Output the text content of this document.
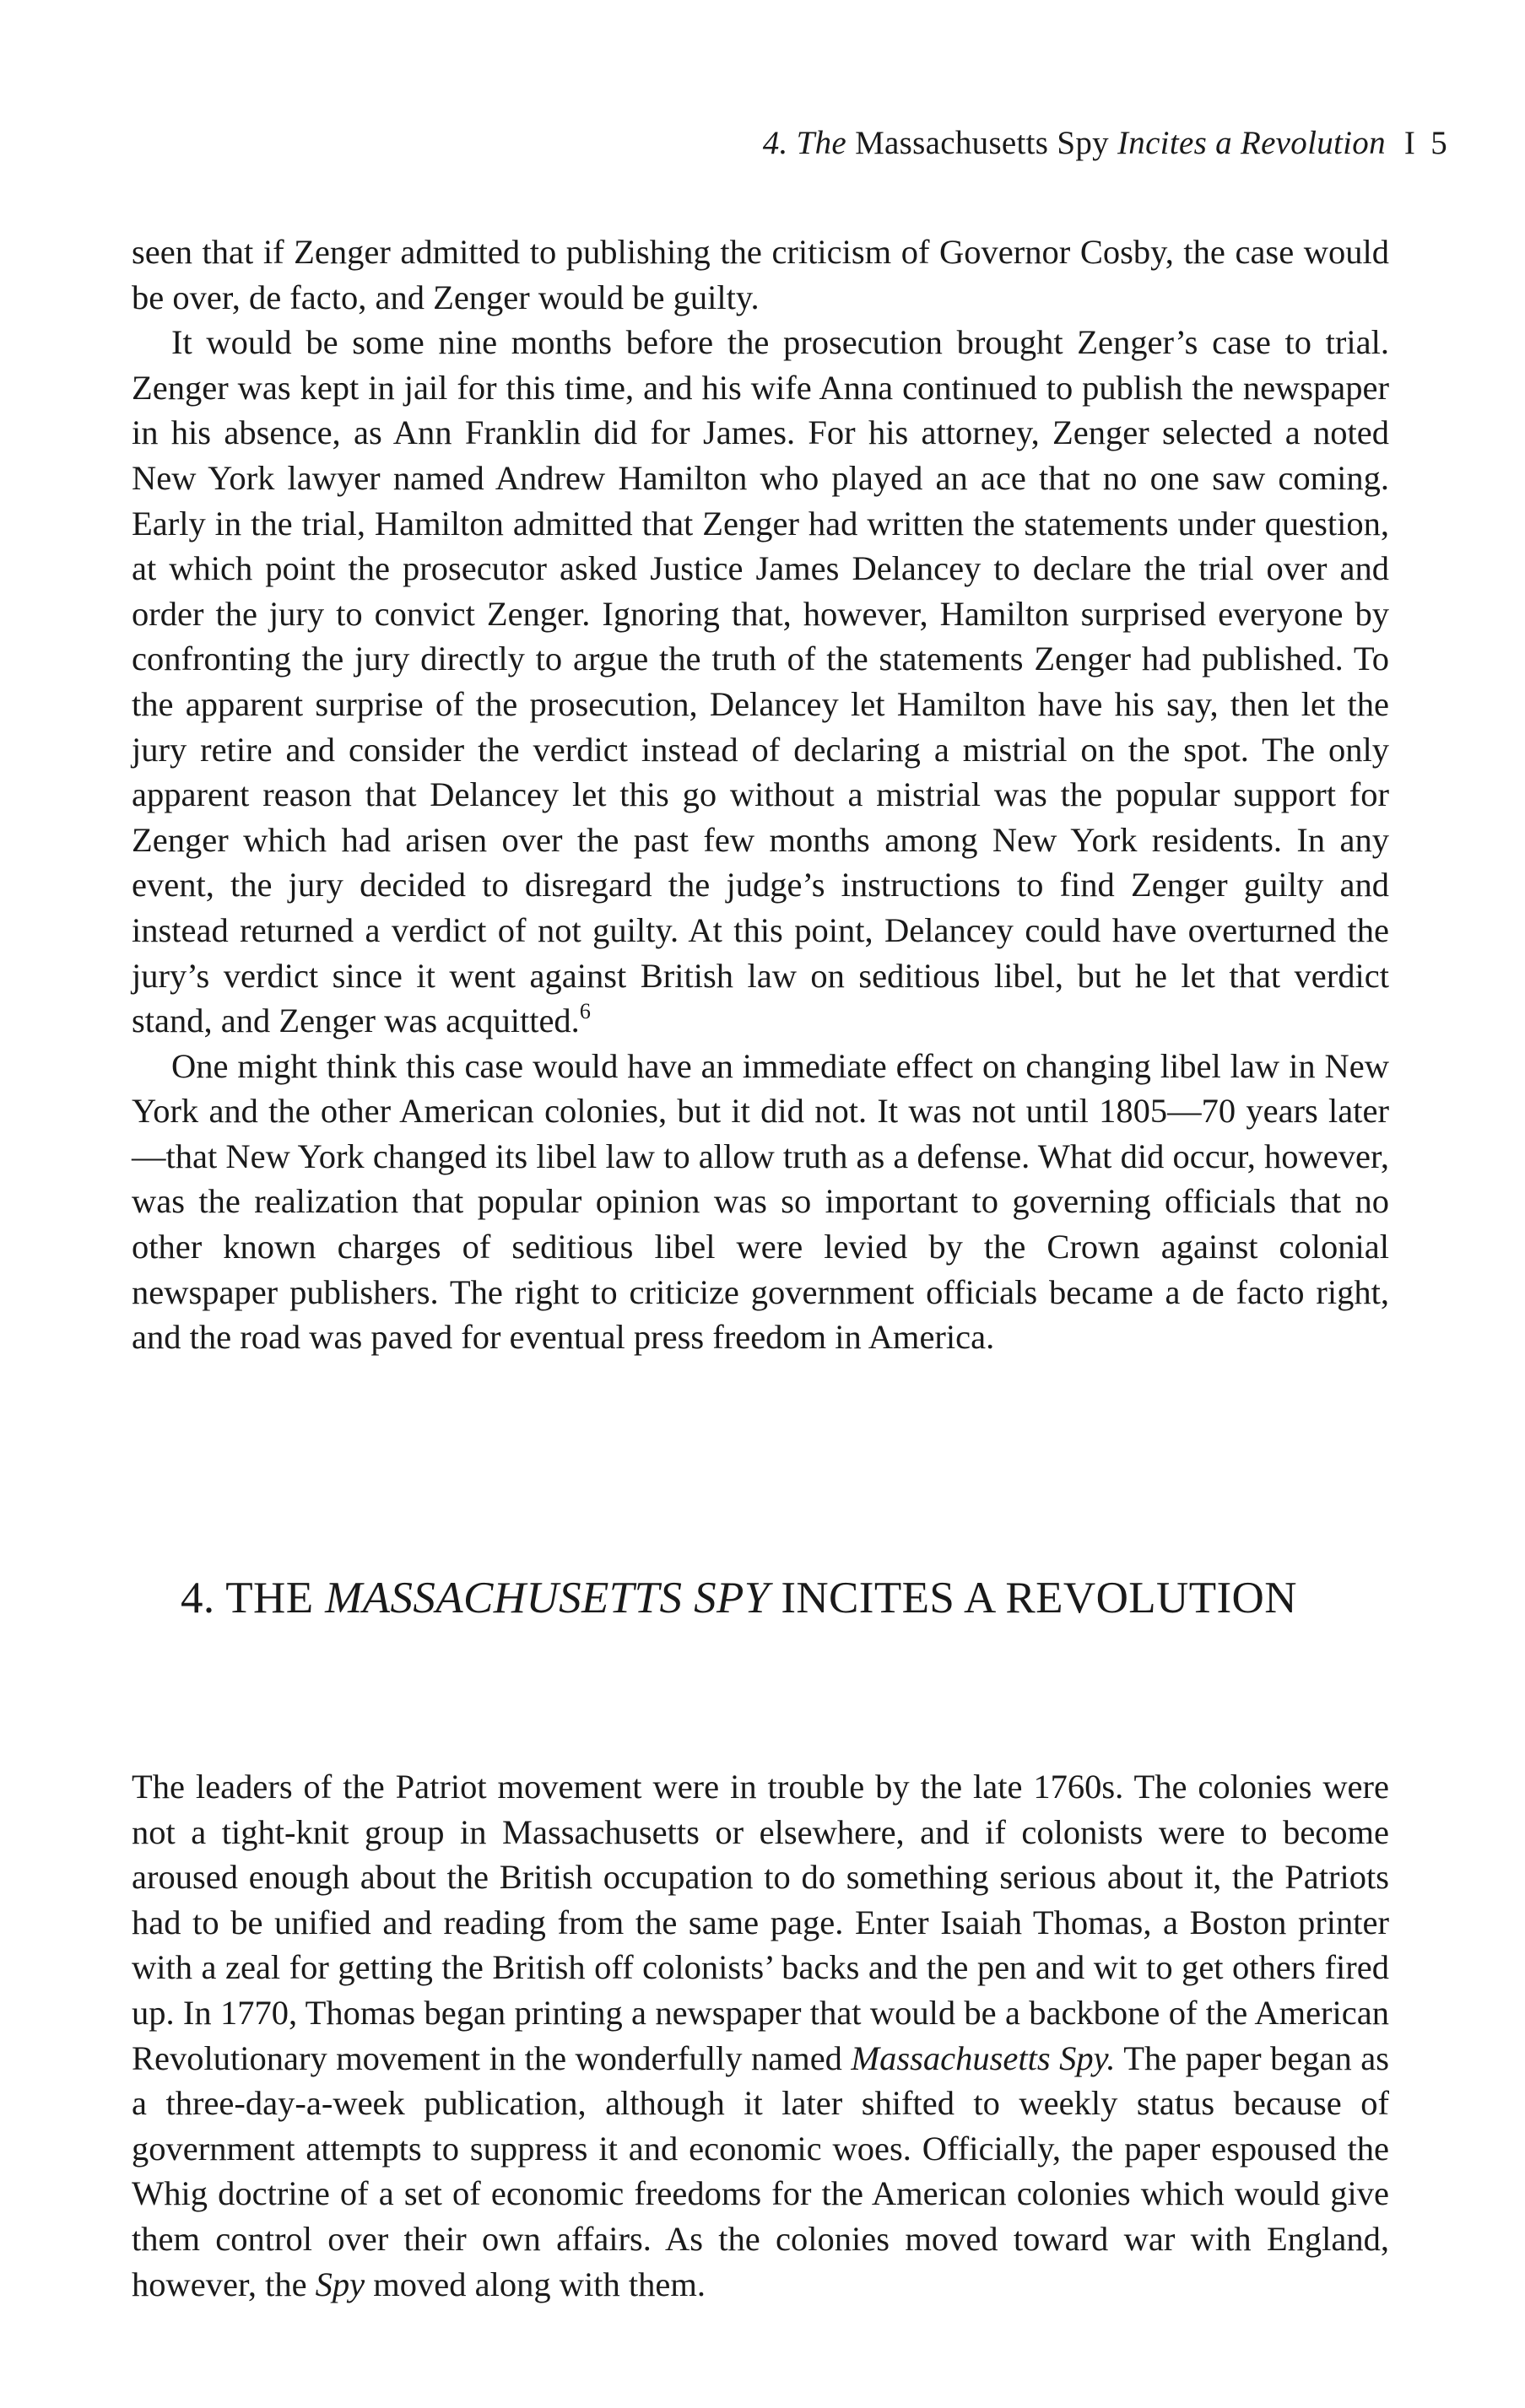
4. The Massachusetts Spy Incites a Revolution I 5

seen that if Zenger admitted to publishing the criticism of Governor Cosby, the case would be over, de facto, and Zenger would be guilty.

It would be some nine months before the prosecution brought Zenger’s case to trial. Zenger was kept in jail for this time, and his wife Anna continued to publish the newspaper in his absence, as Ann Franklin did for James. For his attorney, Zenger selected a noted New York lawyer named Andrew Hamilton who played an ace that no one saw coming. Early in the trial, Hamilton admitted that Zenger had written the statements under question, at which point the prosecutor asked Justice James Delancey to declare the trial over and order the jury to convict Zenger. Ignoring that, however, Hamilton surprised everyone by confronting the jury directly to argue the truth of the statements Zenger had published. To the apparent surprise of the prosecution, Delancey let Hamilton have his say, then let the jury retire and consider the verdict instead of declaring a mistrial on the spot. The only apparent reason that Delancey let this go without a mistrial was the popular support for Zenger which had arisen over the past few months among New York residents. In any event, the jury decided to disregard the judge’s instructions to find Zenger guilty and instead returned a verdict of not guilty. At this point, Delancey could have overturned the jury’s verdict since it went against British law on seditious libel, but he let that verdict stand, and Zenger was acquitted.$^6$

One might think this case would have an immediate effect on changing libel law in New York and the other American colonies, but it did not. It was not until 1805—70 years later—that New York changed its libel law to allow truth as a defense. What did occur, however, was the realization that popular opinion was so important to governing officials that no other known charges of seditious libel were levied by the Crown against colonial newspaper publishers. The right to criticize government officials became a de facto right, and the road was paved for eventual press freedom in America.

4. THE MASSACHUSETTS SPY INCITES A REVOLUTION

The leaders of the Patriot movement were in trouble by the late 1760s. The colonies were not a tight-knit group in Massachusetts or elsewhere, and if colonists were to become aroused enough about the British occupation to do something serious about it, the Patriots had to be unified and reading from the same page. Enter Isaiah Thomas, a Boston printer with a zeal for getting the British off colonists’ backs and the pen and wit to get others fired up. In 1770, Thomas began printing a newspaper that would be a backbone of the American Revolutionary movement in the wonderfully named Massachusetts Spy. The paper began as a three-day-a-week publication, although it later shifted to weekly status because of government attempts to suppress it and economic woes. Officially, the paper espoused the Whig doctrine of a set of economic freedoms for the American colonies which would give them control over their own affairs. As the colonies moved toward war with England, however, the Spy moved along with them.
